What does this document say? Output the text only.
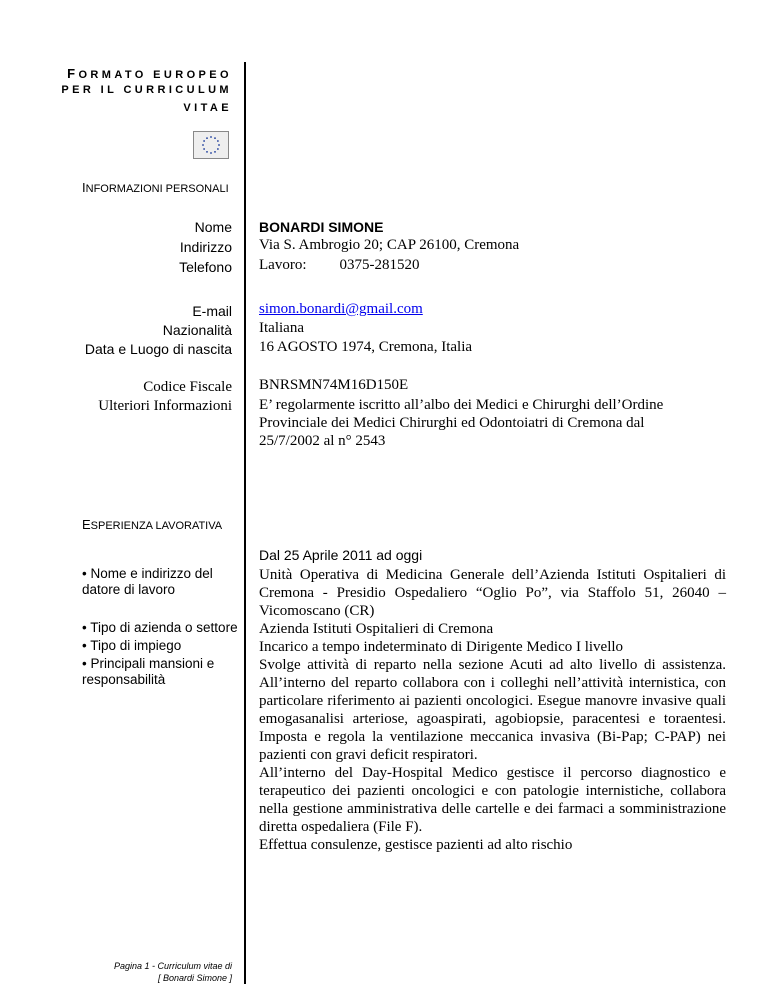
FORMATO EUROPEO
PER IL CURRICULUM
VITAE
INFORMAZIONI PERSONALI
Nome
Indirizzo
Telefono
E-mail
Nazionalità
Data e Luogo di nascita
Codice Fiscale
Ulteriori Informazioni
BONARDI SIMONE
Via S. Ambrogio 20; CAP 26100, Cremona
Lavoro: 0375-281520
simon.bonardi@gmail.com
Italiana
16 AGOSTO 1974, Cremona, Italia
BNRSMN74M16D150E
E’ regolarmente iscritto all’albo dei Medici e Chirurghi dell’Ordine
Provinciale dei Medici Chirurghi ed Odontoiatri di Cremona dal
25/7/2002 al n° 2543
ESPERIENZA LAVORATIVA
• Nome e indirizzo del datore di lavoro
• Tipo di azienda o settore
• Tipo di impiego
• Principali mansioni e responsabilità
Dal 25 Aprile 2011 ad oggi
Unità Operativa di Medicina Generale dell’Azienda Istituti Ospitalieri di Cremona - Presidio Ospedaliero “Oglio Po”, via Staffolo 51, 26040 – Vicomoscano (CR)
Azienda Istituti Ospitalieri di Cremona
Incarico a tempo indeterminato di Dirigente Medico I livello
Svolge attività di reparto nella sezione Acuti ad alto livello di assistenza. All’interno del reparto collabora con i colleghi nell’attività internistica, con particolare riferimento ai pazienti oncologici. Esegue manovre invasive quali emogasanalisi arteriose, agoaspirati, agobiopsie, paracentesi e toraentesi. Imposta e regola la ventilazione meccanica invasiva (Bi-Pap; C-PAP) nei pazienti con gravi deficit respiratori.
All’interno del Day-Hospital Medico gestisce il percorso diagnostico e terapeutico dei pazienti oncologici e con patologie internistiche, collabora nella gestione amministrativa delle cartelle e dei farmaci a somministrazione diretta ospedaliera (File F).
Effettua consulenze, gestisce pazienti ad alto rischio
Pagina 1 - Curriculum vitae di
[ Bonardi Simone ]
